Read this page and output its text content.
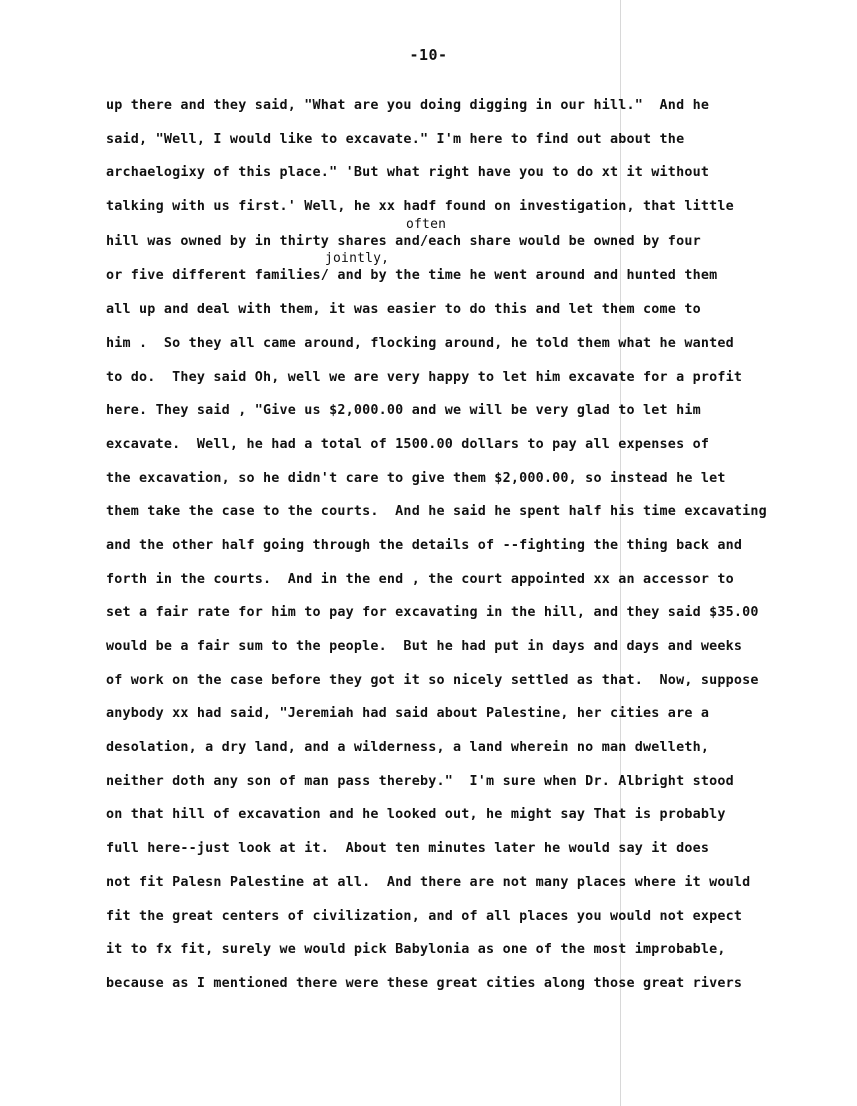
-10-
up there and they said, "What are you doing digging in our hill."  And he
said, "Well, I would like to excavate." I'm here to find out about the
archaelogixy of this place." 'But what right have you to do xt it without
talking with us first.' Well, he xx hadf found on investigation, that little
often
hill was owned by in thirty shares and/each share would be owned by four
jointly,
or five different families/ and by the time he went around and hunted them
all up and deal with them, it was easier to do this and let them come to
him .  So they all came around, flocking around, he told them what he wanted
to do.  They said Oh, well we are very happy to let him excavate for a profit
here. They said , "Give us $2,000.00 and we will be very glad to let him
excavate.  Well, he had a total of 1500.00 dollars to pay all expenses of
the excavation, so he didn't care to give them $2,000.00, so instead he let
them take the case to the courts.  And he said he spent half his time excavating
and the other half going through the details of --fighting the thing back and
forth in the courts.  And in the end , the court appointed xx an accessor to
set a fair rate for him to pay for excavating in the hill, and they said $35.00
would be a fair sum to the people.  But he had put in days and days and weeks
of work on the case before they got it so nicely settled as that.  Now, suppose
anybody xx had said, "Jeremiah had said about Palestine, her cities are a
desolation, a dry land, and a wilderness, a land wherein no man dwelleth,
neither doth any son of man pass thereby."  I'm sure when Dr. Albright stood
on that hill of excavation and he looked out, he might say That is probably
full here--just look at it.  About ten minutes later he would say it does
not fit Palesn Palestine at all.  And there are not many places where it would
fit the great centers of civilization, and of all places you would not expect
it to fx fit, surely we would pick Babylonia as one of the most improbable,
because as I mentioned there were these great cities along those great rivers
